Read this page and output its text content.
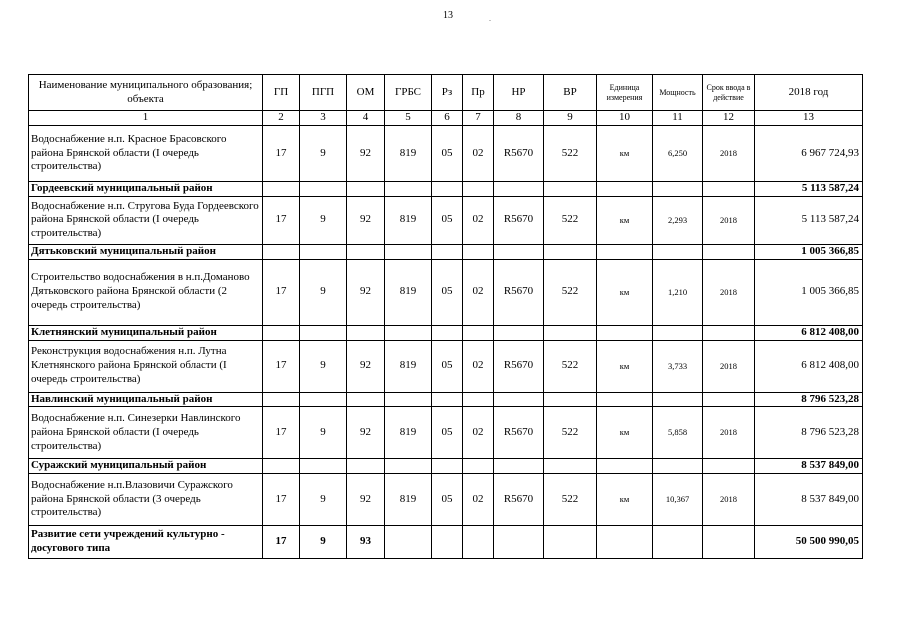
13	.
Наименование муниципального образования; объекта	ГП	ПГП	ОМ	ГРБС	Рз	Пр	НР	ВР	Единица измерения	Мощность	Срок ввода в действие	2018 год
1	2	3	4	5	6	7	8	9	10	11	12	13
Водоснабжение н.п. Красное Брасовского района Брянской области (I очередь строительства)	17	9	92	819	05	02	R5670	522	км	6,250	2018	6 967 724,93
Гордеевский муниципальный район												5 113 587,24
Водоснабжение н.п. Стругова Буда Гордеевского района Брянской области (I очередь строительства)	17	9	92	819	05	02	R5670	522	км	2,293	2018	5 113 587,24
Дятьковский муниципальный район												1 005 366,85
Строительство водоснабжения в н.п.Доманово Дятьковского района Брянской области (2 очередь строительства)	17	9	92	819	05	02	R5670	522	км	1,210	2018	1 005 366,85
Клетнянский муниципальный район												6 812 408,00
Реконструкция водоснабжения н.п. Лутна Клетнянского района Брянской области (I очередь строительства)	17	9	92	819	05	02	R5670	522	км	3,733	2018	6 812 408,00
Навлинский муниципальный район												8 796 523,28
Водоснабжение н.п. Синезерки Навлинского района Брянской области (I очередь строительства)	17	9	92	819	05	02	R5670	522	км	5,858	2018	8 796 523,28
Суражский муниципальный район												8 537 849,00
Водоснабжение н.п.Влазовичи Суражского района Брянской области (3 очередь строительства)	17	9	92	819	05	02	R5670	522	км	10,367	2018	8 537 849,00
Развитие сети учреждений культурно - досугового типа	17	9	93									50 500 990,05
